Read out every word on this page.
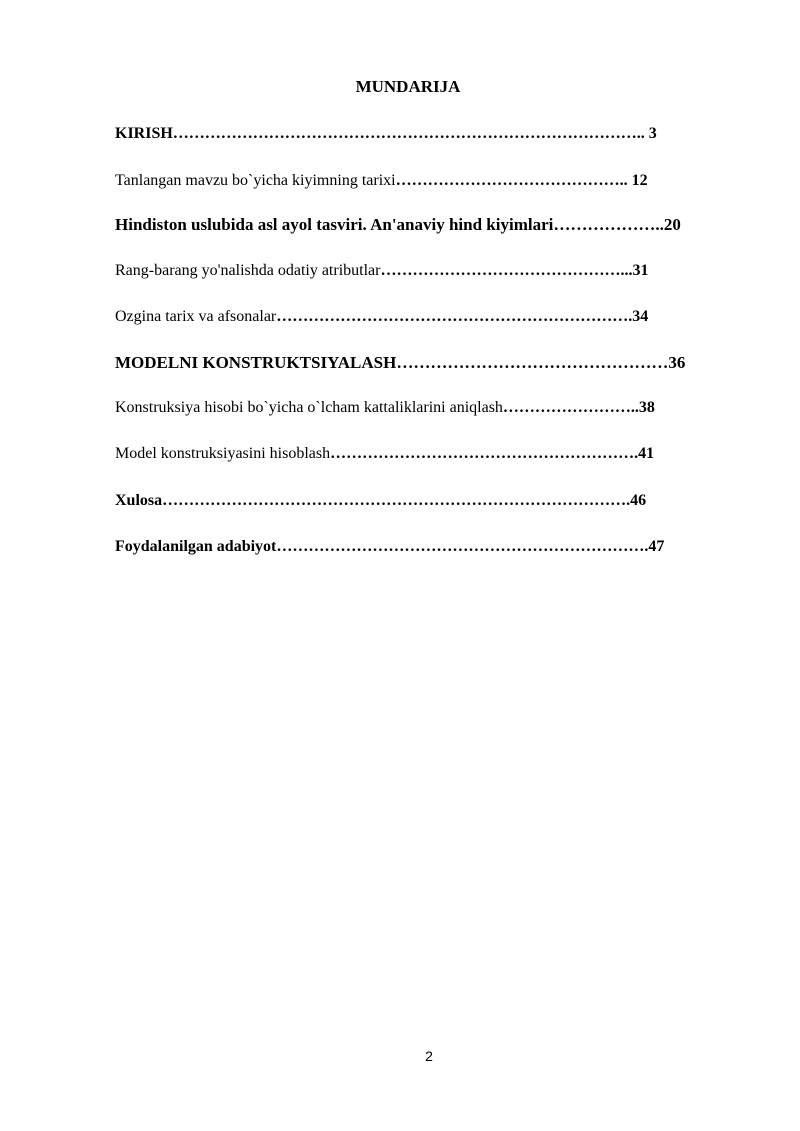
MUNDARIJA
KIRISH…………………………………………………………………………….. 3
Tanlangan mavzu bo`yicha kiyimning tarixi…………………………………….. 12
Hindiston uslubida asl ayol tasviri. An'anaviy hind kiyimlari………………..20
Rang-barang yo'nalishda odatiy atributlar………………………………………...31
Ozgina tarix va afsonalar………………………………………………………….34
MODELNI KONSTRUKTSIYALASH…………………………………………36
Konstruksiya hisobi bo`yicha o`lcham kattaliklarini aniqlash……………………..38
Model konstruksiyasini hisoblash………………………………………………….41
Xulosa…………………………………………………………………………….46
Foydalanilgan adabiyot…………………………………………………………….47
2
